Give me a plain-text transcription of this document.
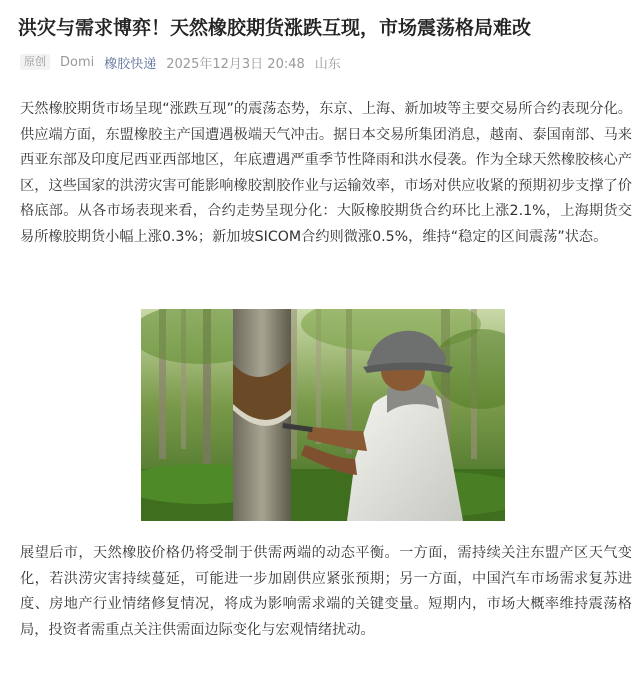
洪灾与需求博弈！天然橡胶期货涨跌互现，市场震荡格局难改
原创	Domi 橡胶快递 2025年12月3日 20:48 山东

天然橡胶期货市场呈现“涨跌互现”的震荡态势，东京、上海、新加坡等主要交易所合约表现分化。供应端方面，东盟橡胶主产国遭遇极端天气冲击。据日本交易所集团消息，越南、泰国南部、马来西亚东部及印度尼西亚西部地区，年底遭遇严重季节性降雨和洪水侵袭。作为全球天然橡胶核心产区，这些国家的洪涝灾害可能影响橡胶割胶作业与运输效率，市场对供应收紧的预期初步支撑了价格底部。从各市场表现来看，合约走势呈现分化：大阪橡胶期货合约环比上涨2.1%，上海期货交易所橡胶期货小幅上涨0.3%；新加坡SICOM合约则微涨0.5%，维持“稳定的区间震荡”状态。

展望后市，天然橡胶价格仍将受制于供需两端的动态平衡。一方面，需持续关注东盟产区天气变化，若洪涝灾害持续蔓延，可能进一步加剧供应紧张预期；另一方面，中国汽车市场需求复苏进度、房地产行业情绪修复情况，将成为影响需求端的关键变量。短期内，市场大概率维持震荡格局，投资者需重点关注供需面边际变化与宏观情绪扰动。
